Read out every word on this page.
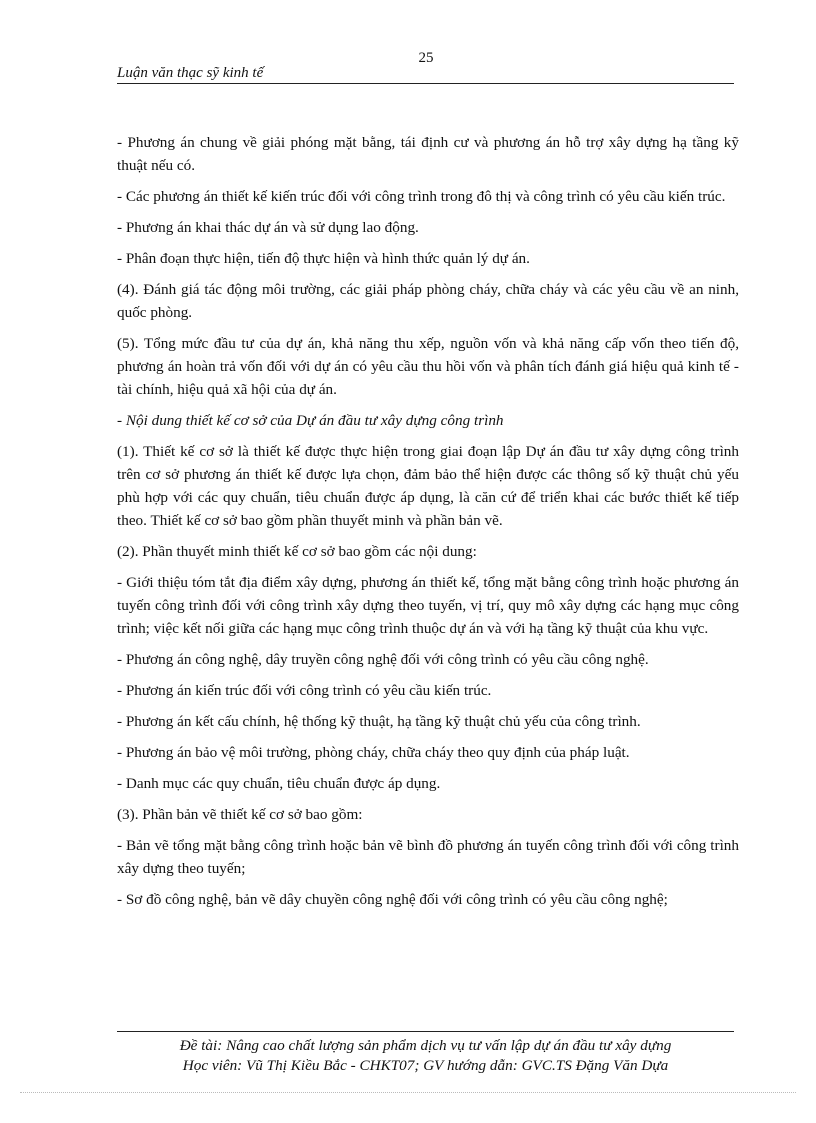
25
Luận văn thạc sỹ kinh tế

- Phương án chung về giải phóng mặt bằng, tái định cư và phương án hỗ trợ xây dựng hạ tầng kỹ thuật nếu có.

- Các phương án thiết kế kiến trúc đối với công trình trong đô thị và công trình có yêu cầu kiến trúc.

- Phương án khai thác dự án và sử dụng lao động.

- Phân đoạn thực hiện, tiến độ thực hiện và hình thức quản lý dự án.

(4). Đánh giá tác động môi trường, các giải pháp phòng cháy, chữa cháy và các yêu cầu về an ninh, quốc phòng.

(5). Tổng mức đầu tư của dự án, khả năng thu xếp, nguồn vốn và khả năng cấp vốn theo tiến độ, phương án hoàn trả vốn đối với dự án có yêu cầu thu hồi vốn và phân tích đánh giá hiệu quả kinh tế - tài chính, hiệu quả xã hội của dự án.

- Nội dung thiết kế cơ sở của Dự án đầu tư xây dựng công trình

(1). Thiết kế cơ sở là thiết kế được thực hiện trong giai đoạn lập Dự án đầu tư xây dựng công trình trên cơ sở phương án thiết kế được lựa chọn, đảm bảo thể hiện được các thông số kỹ thuật chủ yếu phù hợp với các quy chuẩn, tiêu chuẩn được áp dụng, là căn cứ để triển khai các bước thiết kế tiếp theo. Thiết kế cơ sở bao gồm phần thuyết minh và phần bản vẽ.

(2). Phần thuyết minh thiết kế cơ sở bao gồm các nội dung:

- Giới thiệu tóm tắt địa điểm xây dựng, phương án thiết kế, tổng mặt bằng công trình hoặc phương án tuyến công trình đối với công trình xây dựng theo tuyến, vị trí, quy mô xây dựng các hạng mục công trình; việc kết nối giữa các hạng mục công trình thuộc dự án và với hạ tầng kỹ thuật của khu vực.

- Phương án công nghệ, dây truyền công nghệ đối với công trình có yêu cầu công nghệ.

- Phương án kiến trúc đối với công trình có yêu cầu kiến trúc.

- Phương án kết cấu chính, hệ thống kỹ thuật, hạ tầng kỹ thuật chủ yếu của công trình.

- Phương án bảo vệ môi trường, phòng cháy, chữa cháy theo quy định của pháp luật.

- Danh mục các quy chuẩn, tiêu chuẩn được áp dụng.

(3). Phần bản vẽ thiết kế cơ sở bao gồm:

- Bản vẽ tổng mặt bằng công trình hoặc bản vẽ bình đồ phương án tuyến công trình đối với công trình xây dựng theo tuyến;

- Sơ đồ công nghệ, bản vẽ dây chuyền công nghệ đối với công trình có yêu cầu công nghệ;

Đề tài: Nâng cao chất lượng sản phẩm dịch vụ tư vấn lập dự án đầu tư xây dựng
Học viên: Vũ Thị Kiều Bắc - CHKT07; GV hướng dẫn: GVC.TS Đặng Văn Dựa
